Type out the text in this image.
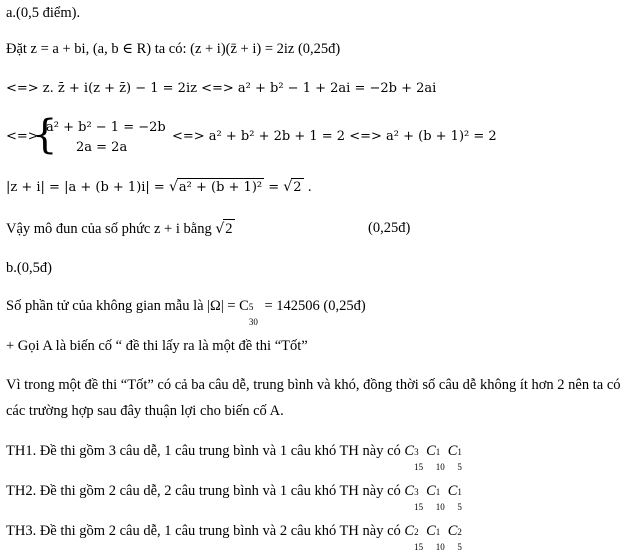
a.(0,5 điểm).
Đặt z = a + bi, (a, b ∈ R) ta có: (z + i)(z̄ + i) = 2iz (0,25đ)
<=> z. z̄ + i(z + z̄) − 1 = 2iz <=> a² + b² − 1 + 2ai = −2b + 2ai
<=>
{
a² + b² − 1 = −2b
2a = 2a
<=> a² + b² + 2b + 1 = 2 <=> a² + (b + 1)² = 2
|z + i| = |a + (b + 1)i| = √a² + (b + 1)² = √2 .
Vậy mô đun của số phức z + i bằng √2	(0,25đ)
b.(0,5đ)
Số phần tử của không gian mẫu là |Ω| = C 5
30
= 142506 (0,25đ)
+ Gọi A là biến cố “ đề thi lấy ra là một đề thi “Tốt”
Vì trong một đề thi “Tốt” có cả ba câu dễ, trung bình và khó, đồng thời số câu dễ không ít hơn 2 nên ta có
các trường hợp sau đây thuận lợi cho biến cố A.
TH1. Đề thi gồm 3 câu dễ, 1 câu trung bình và 1 câu khó TH này có C 3
15
C 1
10
C 1
5
TH2. Đề thi gồm 2 câu dễ, 2 câu trung bình và 1 câu khó TH này có C 3
15
C 1
10
C 1
5
TH3. Đề thi gồm 2 câu dễ, 1 câu trung bình và 2 câu khó TH này có C 2
15
C 1
10
C 2
5
